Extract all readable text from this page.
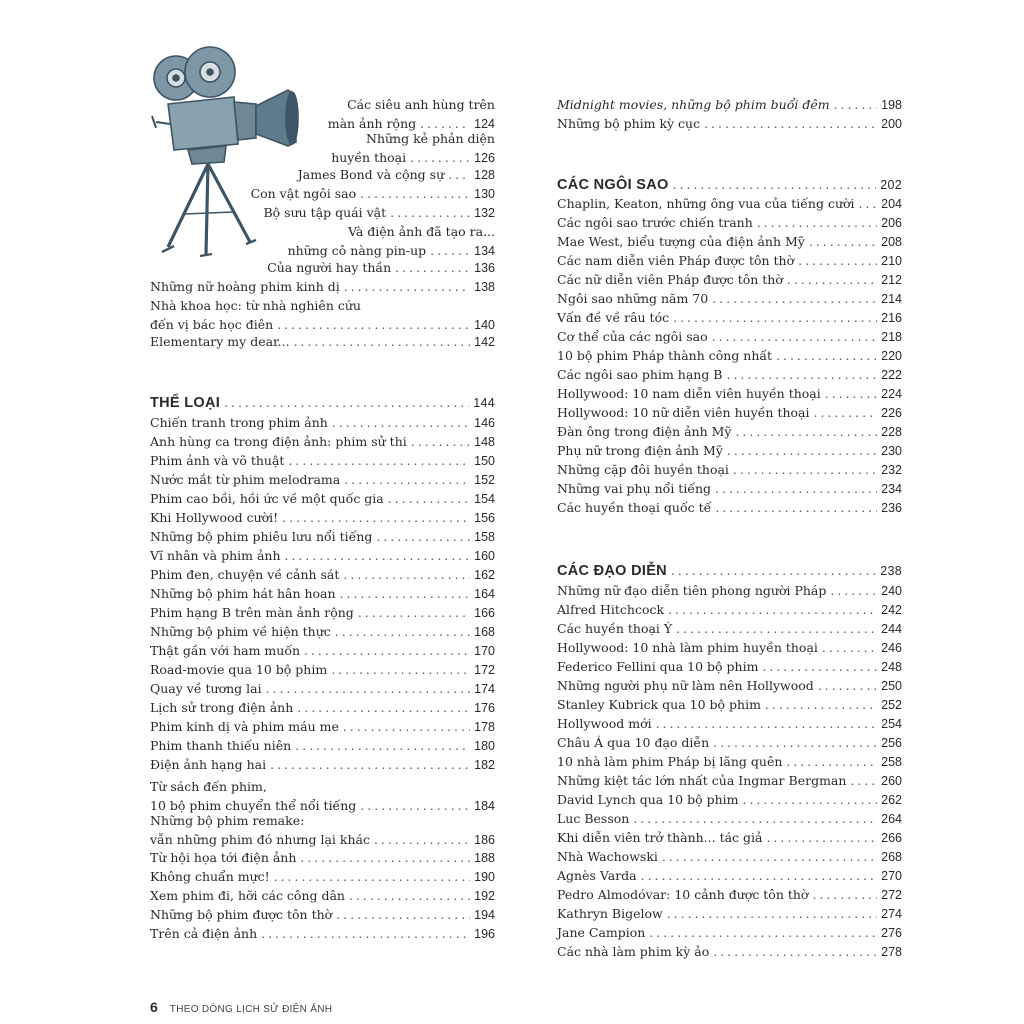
Các siêu anh hùng trên
màn ảnh rộng . . .	124
Những kẻ phản diện
huyền thoại . . .	126
James Bond và cộng sự . . . 128
Con vật ngôi sao . . .	130
Bộ sưu tập quái vật . . .	132
Và điện ảnh đã tạo ra...
những cô nàng pin-up . . .	134
Của người hay thần . . .	136
Những nữ hoàng phim kinh dị . . .	138
Nhà khoa học: từ nhà nghiên cứu
đến vị bác học điên . . .	140
Elementary my dear... . . .	142
THỂ LOẠI . . .	144
Chiến tranh trong phim ảnh . . .	146
Anh hùng ca trong điện ảnh: phim sử thi . . .	148
Phim ảnh và võ thuật . . .	150
Nước mắt từ phim melodrama . . .	152
Phim cao bồi, hồi ức về một quốc gia . . .	154
Khi Hollywood cười! . . .	156
Những bộ phim phiêu lưu nổi tiếng . . .	158
Vĩ nhân và phim ảnh . . .	160
Phim đen, chuyện về cảnh sát . . .	162
Những bộ phim hát hân hoan . . .	164
Phim hạng B trên màn ảnh rộng . . .	166
Những bộ phim về hiện thực . . .	168
Thật gần với ham muốn . . .	170
Road-movie qua 10 bộ phim . . .	172
Quay về tương lai . . .	174
Lịch sử trong điện ảnh . . .	176
Phim kinh dị và phim máu me . . .	178
Phim thanh thiếu niên . . .	180
Điện ảnh hạng hai . . .	182
Từ sách đến phim,
10 bộ phim chuyển thể nổi tiếng . . .	184
Những bộ phim remake:
vẫn những phim đó nhưng lại khác . . .	186
Từ hội họa tới điện ảnh . . .	188
Không chuẩn mực! . . .	190
Xem phim đi, hỡi các công dân . . .	192
Những bộ phim được tôn thờ . . .	194
Trên cả điện ảnh . . .	196
Midnight movies, những bộ phim buổi đêm . . .	198
Những bộ phim kỳ cục . . .	200
CÁC NGÔI SAO . . .	202
Chaplin, Keaton, những ông vua của tiếng cười . . . 204
Các ngôi sao trước chiến tranh . . .	206
Mae West, biểu tượng của điện ảnh Mỹ . . .	208
Các nam diễn viên Pháp được tôn thờ . . .	210
Các nữ diễn viên Pháp được tôn thờ . . .	212
Ngôi sao những năm 70 . . .	214
Vấn đề về râu tóc . . .	216
Cơ thể của các ngôi sao . . .	218
10 bộ phim Pháp thành công nhất . . .	220
Các ngôi sao phim hạng B . . .	222
Hollywood: 10 nam diễn viên huyền thoại . . .	224
Hollywood: 10 nữ diễn viên huyền thoại . . .	226
Đàn ông trong điện ảnh Mỹ . . .	228
Phụ nữ trong điện ảnh Mỹ . . .	230
Những cặp đôi huyền thoại . . .	232
Những vai phụ nổi tiếng . . .	234
Các huyền thoại quốc tế . . .	236
CÁC ĐẠO DIỄN . . .	238
Những nữ đạo diễn tiên phong người Pháp . . .	240
Alfred Hitchcock . . .	242
Các huyền thoại Ý . . .	244
Hollywood: 10 nhà làm phim huyền thoại . . .	246
Federico Fellini qua 10 bộ phim . . .	248
Những người phụ nữ làm nên Hollywood . . .	250
Stanley Kubrick qua 10 bộ phim . . .	252
Hollywood mới . . .	254
Châu Á qua 10 đạo diễn . . .	256
10 nhà làm phim Pháp bị lãng quên . . .	258
Những kiệt tác lớn nhất của Ingmar Bergman . . .	260
David Lynch qua 10 bộ phim . . .	262
Luc Besson . . .	264
Khi diễn viên trở thành... tác giả . . .	266
Nhà Wachowski . . .	268
Agnès Varda . . .	270
Pedro Almodóvar: 10 cảnh được tôn thờ . . .	272
Kathryn Bigelow . . .	274
Jane Campion . . .	276
Các nhà làm phim kỳ ảo . . .	278
6 THEO DÒNG LỊCH SỬ ĐIỆN ẢNH
